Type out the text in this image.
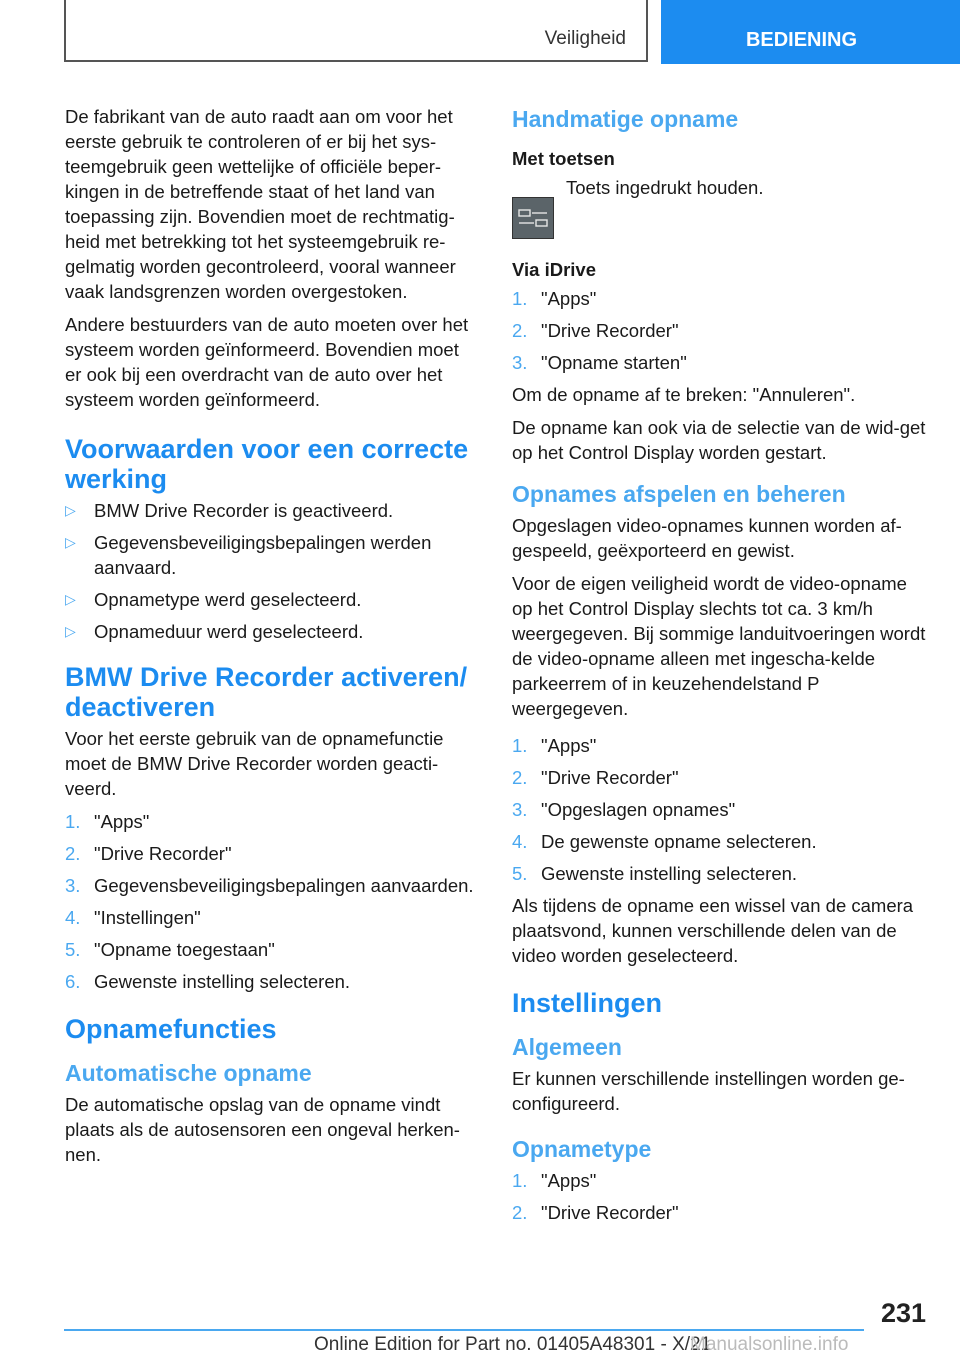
Veiligheid	BEDIENING

De fabrikant van de auto raadt aan om voor het eerste gebruik te controleren of er bij het sys-teemgebruik geen wettelijke of officiële beper-kingen in de betreffende staat of het land van toepassing zijn. Bovendien moet de rechtmatig-heid met betrekking tot het systeemgebruik re-gelmatig worden gecontroleerd, vooral wanneer vaak landsgrenzen worden overgestoken.

Andere bestuurders van de auto moeten over het systeem worden geïnformeerd. Bovendien moet er ook bij een overdracht van de auto over het systeem worden geïnformeerd.

Voorwaarden voor een correcte werking
▷ BMW Drive Recorder is geactiveerd.
▷ Gegevensbeveiligingsbepalingen werden aanvaard.
▷ Opnametype werd geselecteerd.
▷ Opnameduur werd geselecteerd.
BMW Drive Recorder activeren/ deactiveren

Voor het eerste gebruik van de opnamefunctie moet de BMW Drive Recorder worden geacti-veerd.

1. "Apps"
2. "Drive Recorder"
3. Gegevensbeveiligingsbepalingen aanvaarden.
4. "Instellingen"
5. "Opname toegestaan"
6. Gewenste instelling selecteren.
Opnamefuncties
Automatische opname

De automatische opslag van de opname vindt plaats als de autosensoren een ongeval herken-nen.

Handmatige opname
Met toetsen
Toets ingedrukt houden.
Via iDrive
1. "Apps"
2. "Drive Recorder"
3. "Opname starten"

Om de opname af te breken: "Annuleren".

De opname kan ook via de selectie van de wid-get op het Control Display worden gestart.

Opnames afspelen en beheren

Opgeslagen video-opnames kunnen worden af-gespeeld, geëxporteerd en gewist.

Voor de eigen veiligheid wordt de video-opname op het Control Display slechts tot ca. 3 km/h weergegeven. Bij sommige landuitvoeringen wordt de video-opname alleen met ingescha-kelde parkeerrem of in keuzehendelstand P weergegeven.

1. "Apps"
2. "Drive Recorder"
3. "Opgeslagen opnames"
4. De gewenste opname selecteren.
5. Gewenste instelling selecteren.

Als tijdens de opname een wissel van de camera plaatsvond, kunnen verschillende delen van de video worden geselecteerd.

Instellingen
Algemeen

Er kunnen verschillende instellingen worden ge-configureerd.

Opnametype
1. "Apps"
2. "Drive Recorder"
231
Online Edition for Part no. 01405A48301 - X/21
Manualsonline.info
